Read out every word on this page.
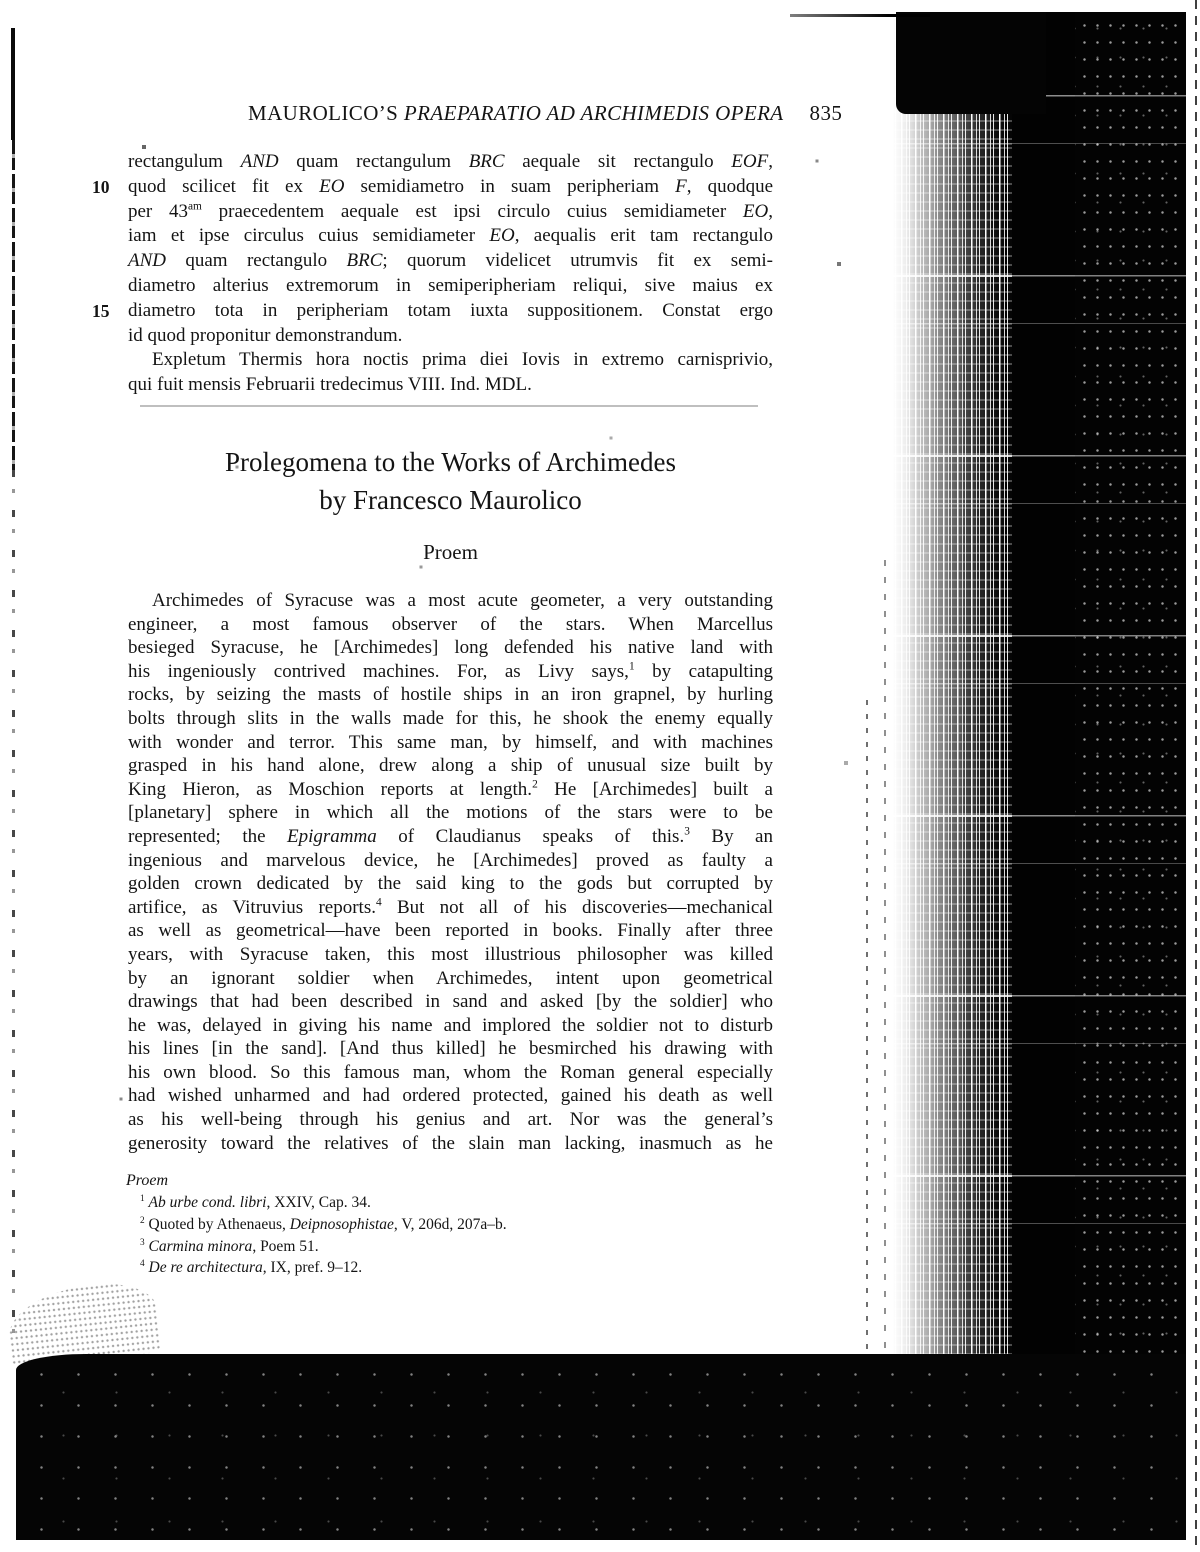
MAUROLICO’S PRAEPARATIO AD ARCHIMEDIS OPERA 835
10
15
rectangulum AND quam rectangulum BRC aequale sit rectangulo EOF,
quod scilicet fit ex EO semidiametro in suam peripheriam F, quodque
per $43^{am}$ praecedentem aequale est ipsi circulo cuius semidiameter EO,
iam et ipse circulus cuius semidiameter EO, aequalis erit tam rectangulo
AND quam rectangulo BRC; quorum videlicet utrumvis fit ex semi-
diametro alterius extremorum in semiperipheriam reliqui, sive maius ex
diametro tota in peripheriam totam iuxta suppositionem. Constat ergo
id quod proponitur demonstrandum.
Expletum Thermis hora noctis prima diei Iovis in extremo carnisprivio,
qui fuit mensis Februarii tredecimus VIII. Ind. MDL.
Prolegomena to the Works of Archimedes
by Francesco Maurolico
Proem
Archimedes of Syracuse was a most acute geometer, a very outstanding
engineer, a most famous observer of the stars. When Marcellus
besieged Syracuse, he [Archimedes] long defended his native land with
his ingeniously contrived machines. For, as Livy says,$^1$ by catapulting
rocks, by seizing the masts of hostile ships in an iron grapnel, by hurling
bolts through slits in the walls made for this, he shook the enemy equally
with wonder and terror. This same man, by himself, and with machines
grasped in his hand alone, drew along a ship of unusual size built by
King Hieron, as Moschion reports at length.$^2$ He [Archimedes] built a
[planetary] sphere in which all the motions of the stars were to be
represented; the Epigramma of Claudianus speaks of this.$^3$ By an
ingenious and marvelous device, he [Archimedes] proved as faulty a
golden crown dedicated by the said king to the gods but corrupted by
artifice, as Vitruvius reports.$^4$ But not all of his discoveries—mechanical
as well as geometrical—have been reported in books. Finally after three
years, with Syracuse taken, this most illustrious philosopher was killed
by an ignorant soldier when Archimedes, intent upon geometrical
drawings that had been described in sand and asked [by the soldier] who
he was, delayed in giving his name and implored the soldier not to disturb
his lines [in the sand]. [And thus killed] he besmirched his drawing with
his own blood. So this famous man, whom the Roman general especially
had wished unharmed and had ordered protected, gained his death as well
as his well-being through his genius and art. Nor was the general’s
generosity toward the relatives of the slain man lacking, inasmuch as he
Proem
$^1$ Ab urbe cond. libri, XXIV, Cap. 34.
$^2$ Quoted by Athenaeus, Deipnosophistae, V, 206d, 207a–b.
$^3$ Carmina minora, Poem 51.
$^4$ De re architectura, IX, pref. 9–12.
